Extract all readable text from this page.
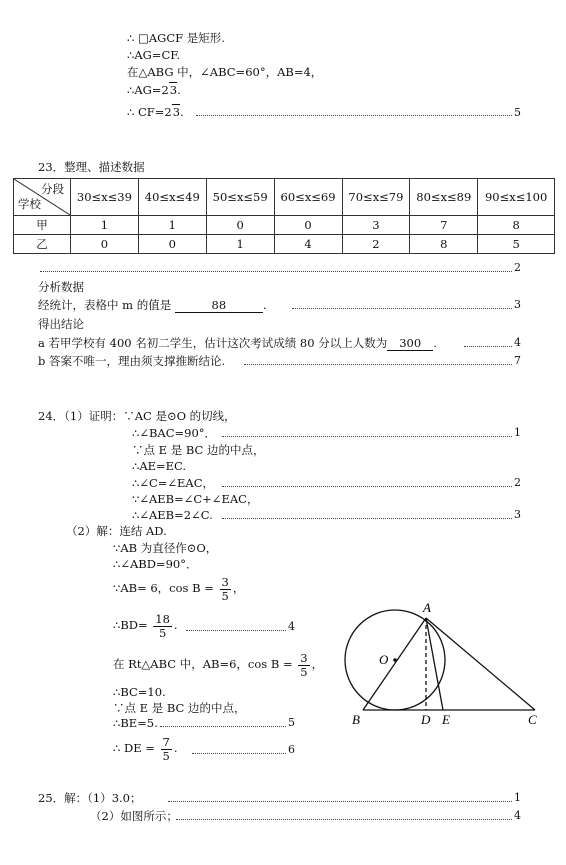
∴ □AGCF 是矩形.
∴AG=CF.
在△ABG 中，∠ABC=60°，AB=4，
∴AG=23.
∴ CF=23.	5
23．整理、描述数据
分段
学校	30≤x≤39	40≤x≤49	50≤x≤59	60≤x≤69	70≤x≤79	80≤x≤89	90≤x≤100
甲	1	1	0	0	3	7	8
乙	0	0	1	4	2	8	5
2
分析数据
经统计，表格中 m 的值是	88	.	3
得出结论
a 若甲学校有 400 名初二学生，估计这次考试成绩 80 分以上人数为 300 .	4
b 答案不唯一，理由须支撑推断结论.	7
24．（1）证明：∵AC 是⊙O 的切线，
∴∠BAC=90°．	1
∵点 E 是 BC 边的中点，
∴AE=EC.
∴∠C=∠EAC，	2
∵∠AEB=∠C+∠EAC，
∴∠AEB=2∠C.	3
（2）解：连结 AD.
∵AB 为直径作⊙O，
∴∠ABD=90°．
∵AB= 6，$\cos B = \frac{3}{5}$ ，
∴BD= $\frac{18}{5}$ .	4
在 Rt△ABC 中，AB=6，$\cos B = \frac{3}{5}$ ，
∴BC=10.
∵点 E 是 BC 边的中点，
∴BE=5.	5
∴ DE = $\frac{7}{5}$ .	6
A
O
B	D E	C
25．解：（1）3.0；	1
（2）如图所示；	4
